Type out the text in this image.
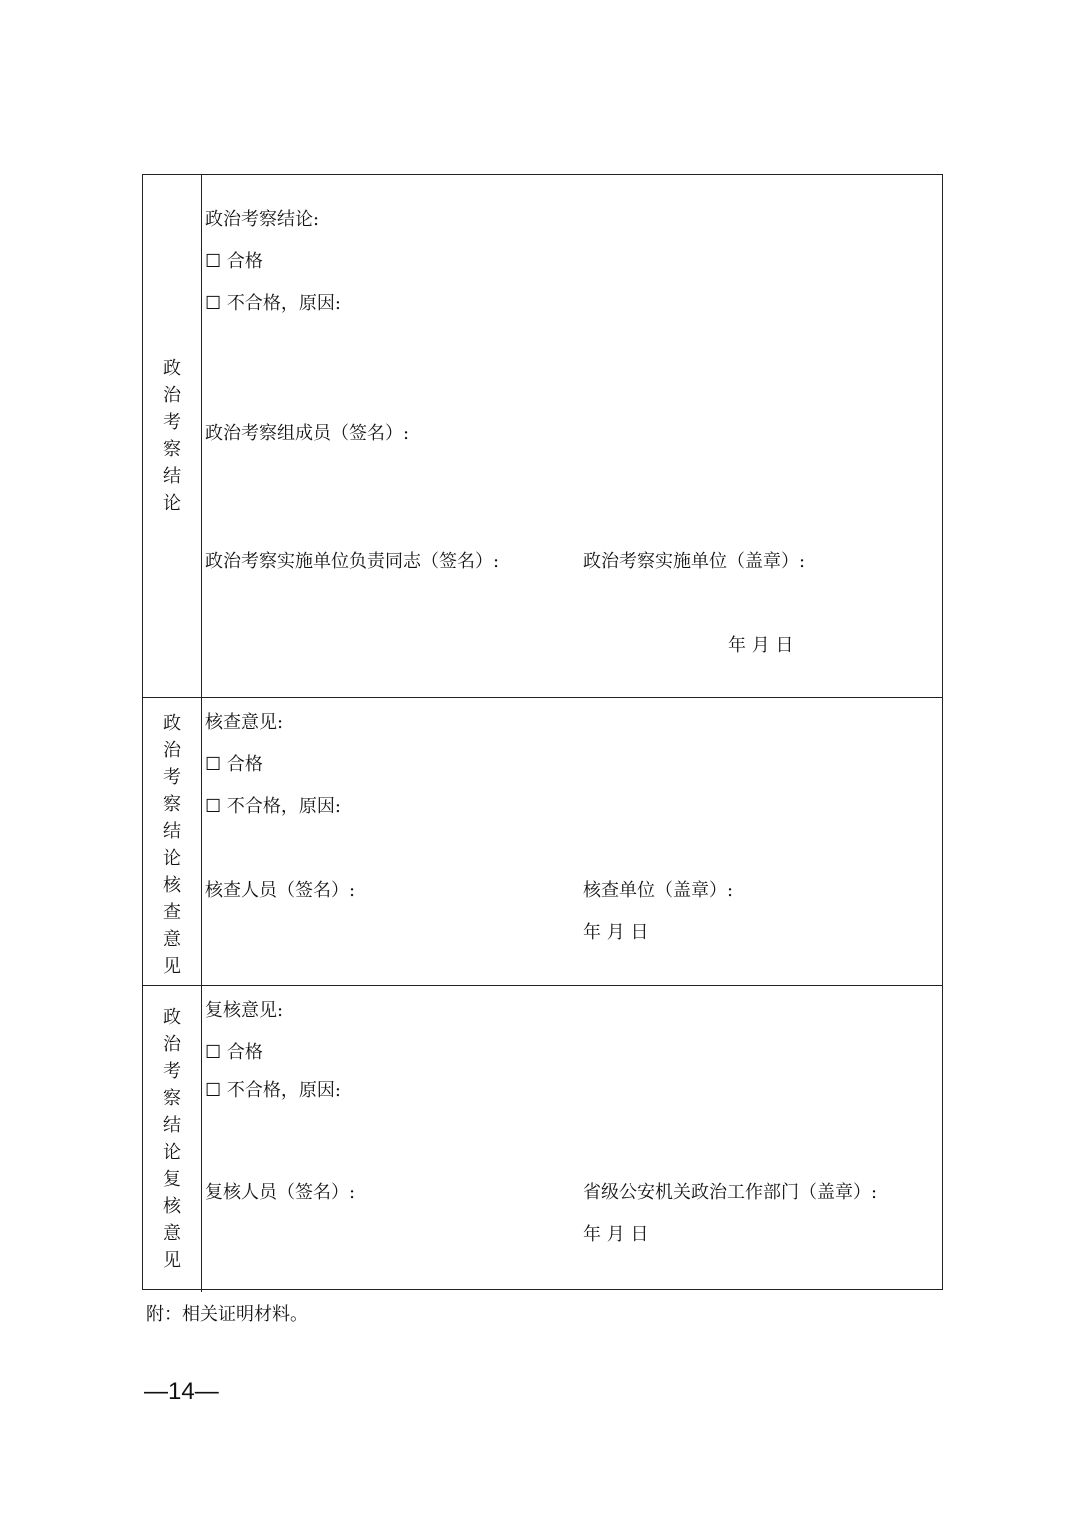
政治考察结论
政治考察结论:
☐ 合格
☐ 不合格，原因:
政治考察组成员（签名）:
政治考察实施单位负责同志（签名）:	政治考察实施单位（盖章）:
年 月 日
政治考察结论核查意见
核查意见:
☐ 合格
☐ 不合格，原因:
核查人员（签名）:	核查单位（盖章）:
年 月 日
政治考察结论复核意见
复核意见:
☐ 合格
☐ 不合格，原因:
复核人员（签名）:	省级公安机关政治工作部门（盖章）:
年 月 日
附：相关证明材料。
—14—
